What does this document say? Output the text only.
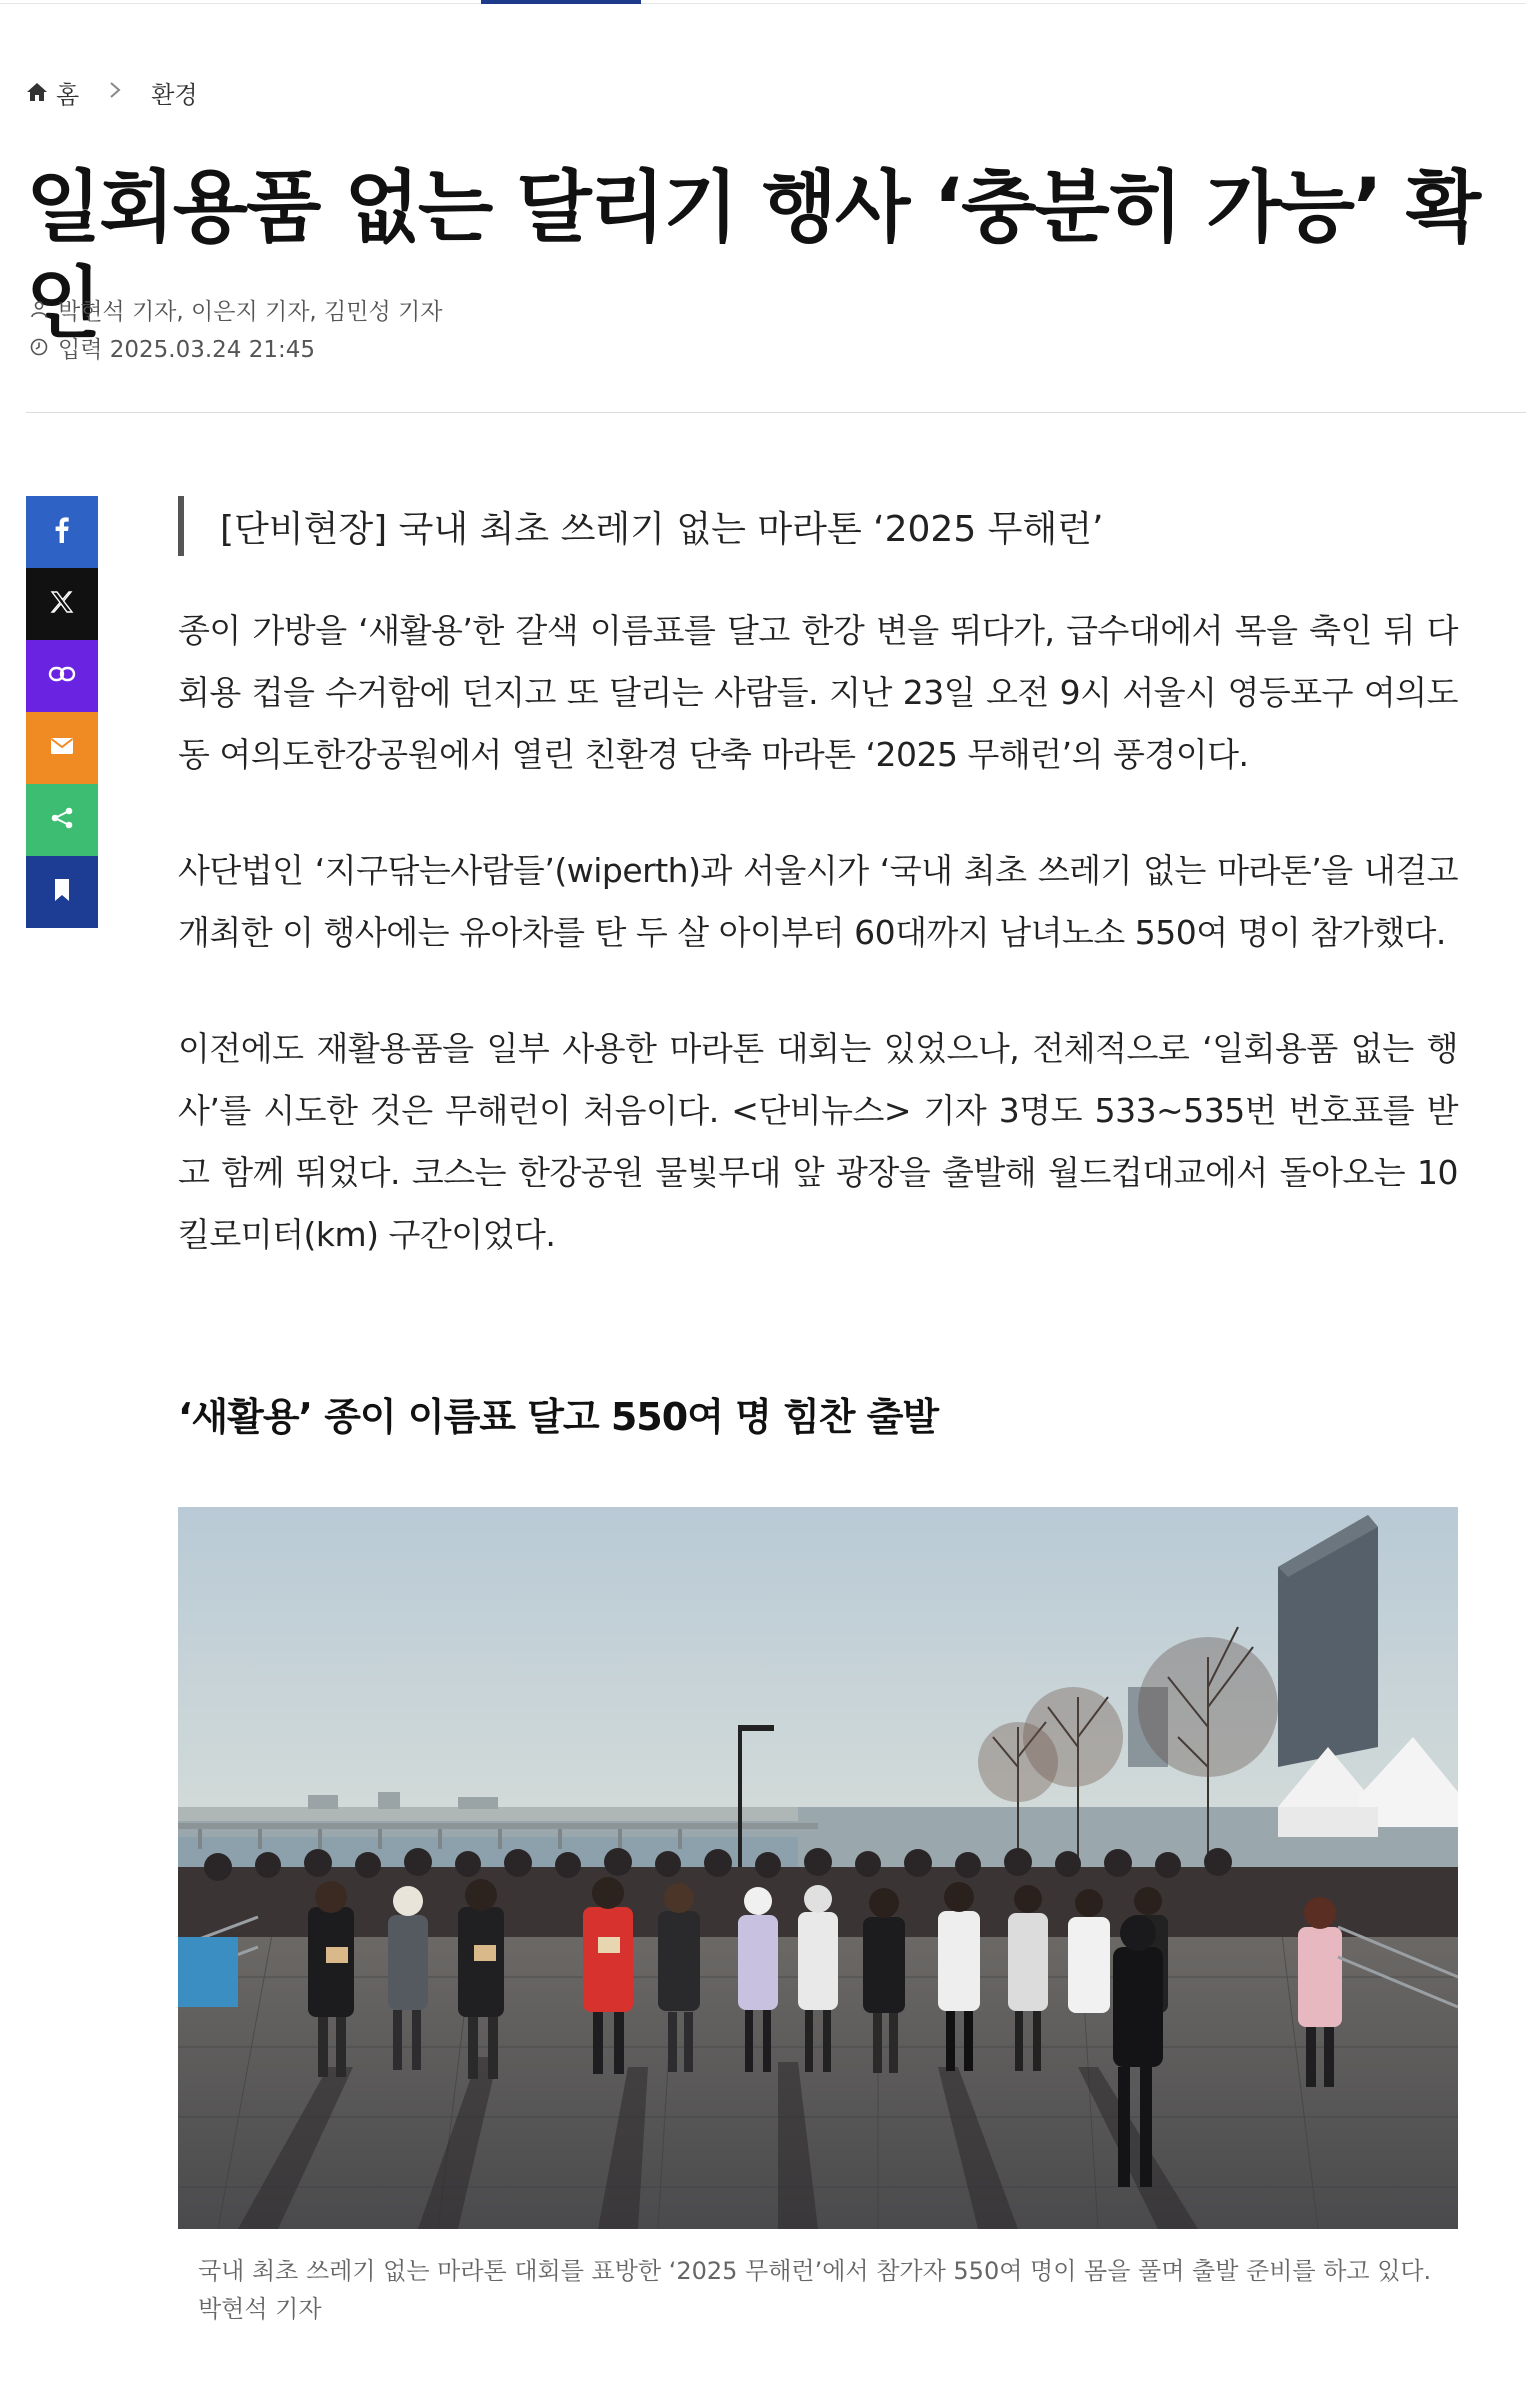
홈	환경
일회용품 없는 달리기 행사 ‘충분히 가능’ 확인
박현석 기자, 이은지 기자, 김민성 기자
입력 2025.03.24 21:45
[단비현장] 국내 최초 쓰레기 없는 마라톤 ‘2025 무해런’

종이 가방을 ‘새활용’한 갈색 이름표를 달고 한강 변을 뛰다가, 급수대에서 목을 축인 뒤 다회용 컵을 수거함에 던지고 또 달리는 사람들. 지난 23일 오전 9시 서울시 영등포구 여의도동 여의도한강공원에서 열린 친환경 단축 마라톤 ‘2025 무해런’의 풍경이다.

사단법인 ‘지구닦는사람들’(wiperth)과 서울시가 ‘국내 최초 쓰레기 없는 마라톤’을 내걸고 개최한 이 행사에는 유아차를 탄 두 살 아이부터 60대까지 남녀노소 550여 명이 참가했다.

이전에도 재활용품을 일부 사용한 마라톤 대회는 있었으나, 전체적으로 ‘일회용품 없는 행사’를 시도한 것은 무해런이 처음이다. <단비뉴스> 기자 3명도 533~535번 번호표를 받고 함께 뛰었다. 코스는 한강공원 물빛무대 앞 광장을 출발해 월드컵대교에서 돌아오는 10킬로미터(km) 구간이었다.

‘새활용’ 종이 이름표 달고 550여 명 힘찬 출발

국내 최초 쓰레기 없는 마라톤 대회를 표방한 ‘2025 무해런’에서 참가자 550여 명이 몸을 풀며 출발 준비를 하고 있다. 박현석 기자
